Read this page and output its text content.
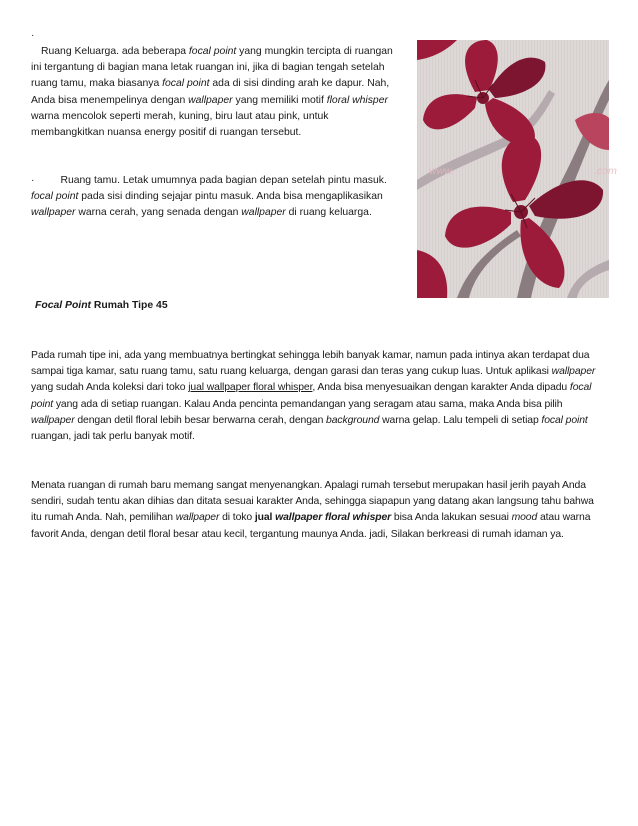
·

Ruang Keluarga. ada beberapa focal point yang mungkin tercipta di ruangan ini tergantung di bagian mana letak ruangan ini, jika di bagian tengah setelah ruang tamu, maka biasanya focal point ada di sisi dinding arah ke dapur. Nah, Anda bisa menempelinya dengan wallpaper yang memiliki motif floral whisper warna mencolok seperti merah, kuning, biru laut atau pink, untuk membangkitkan nuansa energy positif di ruangan tersebut.

·	Ruang tamu. Letak umumnya pada bagian depan setelah pintu masuk. focal point pada sisi dinding sejajar pintu masuk. Anda bisa mengaplikasikan wallpaper warna cerah, yang senada dengan wallpaper di ruang keluarga.

www.	.com

Focal Point Rumah Tipe 45

Pada rumah tipe ini, ada yang membuatnya bertingkat sehingga lebih banyak kamar, namun pada intinya akan terdapat dua sampai tiga kamar, satu ruang tamu, satu ruang keluarga, dengan garasi dan teras yang cukup luas. Untuk aplikasi wallpaper yang sudah Anda koleksi dari toko jual wallpaper floral whisper, Anda bisa menyesuaikan dengan karakter Anda dipadu focal point yang ada di setiap ruangan. Kalau Anda pencinta pemandangan yang seragam atau sama, maka Anda bisa pilih wallpaper dengan detil floral lebih besar berwarna cerah, dengan background warna gelap. Lalu tempeli di setiap focal point ruangan, jadi tak perlu banyak motif.

Menata ruangan di rumah baru memang sangat menyenangkan. Apalagi rumah tersebut merupakan hasil jerih payah Anda sendiri, sudah tentu akan dihias dan ditata sesuai karakter Anda, sehingga siapapun yang datang akan langsung tahu bahwa itu rumah Anda. Nah, pemilihan wallpaper di toko jual wallpaper floral whisper bisa Anda lakukan sesuai mood atau warna favorit Anda, dengan detil floral besar atau kecil, tergantung maunya Anda. jadi, Silakan berkreasi di rumah idaman ya.
